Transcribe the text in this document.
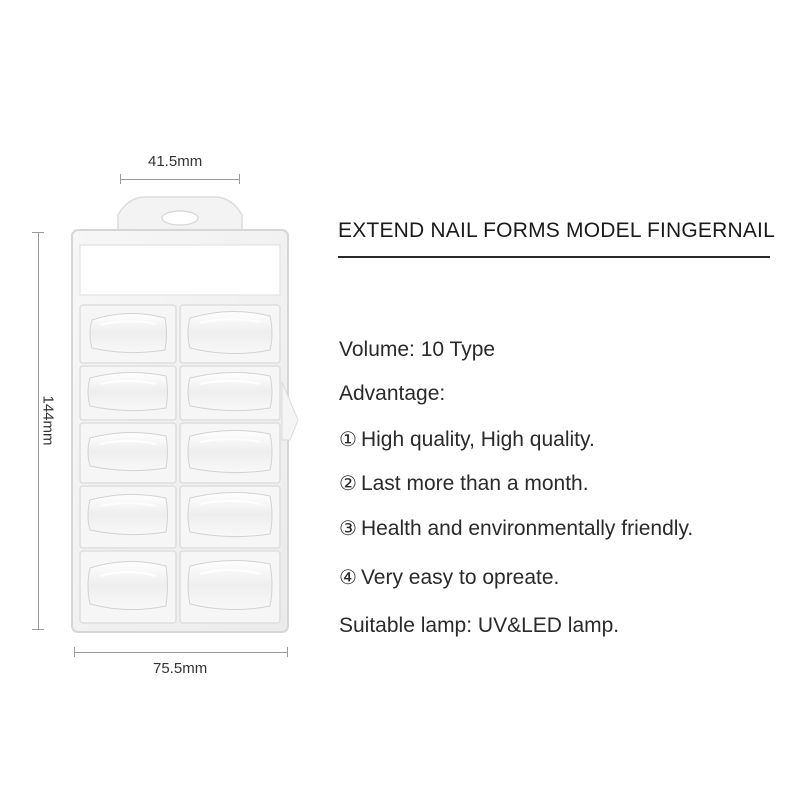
41.5mm
144mm
75.5mm
EXTEND NAIL FORMS MODEL FINGERNAIL
Volume: 10 Type
Advantage:
① High quality, High quality.
② Last more than a month.
③ Health and environmentally friendly.
④ Very easy to opreate.
Suitable lamp: UV&LED lamp.
